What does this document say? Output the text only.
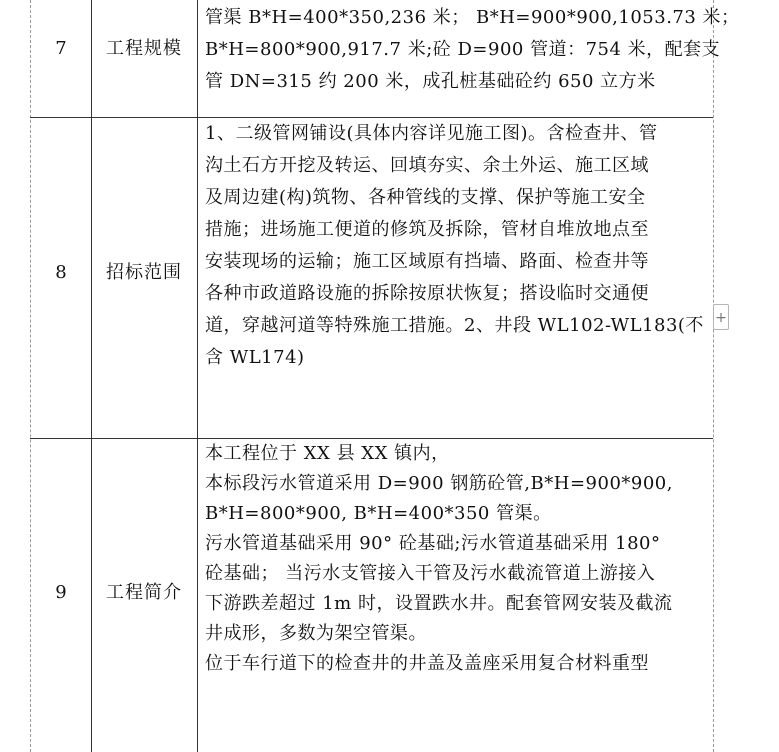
7	工程规模
管渠 B*H=400*350,236 米； B*H=900*900,1053.73 米；
B*H=800*900,917.7 米;砼 D=900 管道：754 米，配套支
管 DN=315 约 200 米，成孔桩基础砼约 650 立方米
8	招标范围
1、二级管网铺设(具体内容详见施工图)。含检查井、管
沟土石方开挖及转运、回填夯实、余土外运、施工区域
及周边建(构)筑物、各种管线的支撑、保护等施工安全
措施；进场施工便道的修筑及拆除，管材自堆放地点至
安装现场的运输；施工区域原有挡墙、路面、检查井等
各种市政道路设施的拆除按原状恢复；搭设临时交通便
道，穿越河道等特殊施工措施。2、井段 WL102-WL183(不
含 WL174)
9	工程简介
本工程位于 XX 县 XX 镇内，
本标段污水管道采用 D=900 钢筋砼管,B*H=900*900,
B*H=800*900, B*H=400*350 管渠。
污水管道基础采用 90° 砼基础;污水管道基础采用 180°
砼基础； 当污水支管接入干管及污水截流管道上游接入
下游跌差超过 1m 时，设置跌水井。配套管网安装及截流
井成形，多数为架空管渠。
位于车行道下的检查井的井盖及盖座采用复合材料重型
+
